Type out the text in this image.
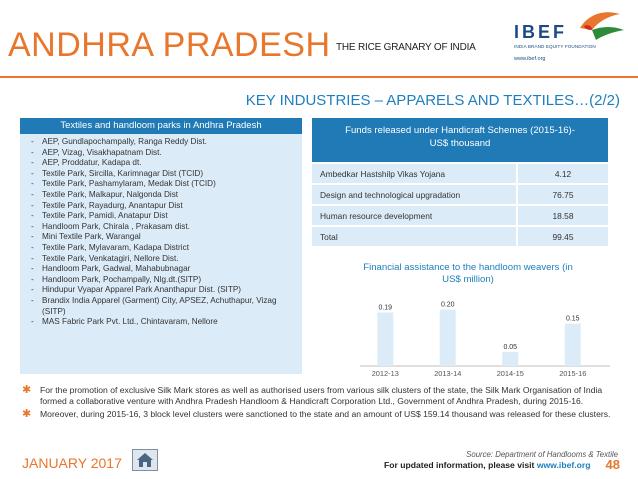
ANDHRA PRADESH THE RICE GRANARY OF INDIA
IBEF
INDIA BRAND EQUITY FOUNDATION
www.ibef.org
KEY INDUSTRIES – APPARELS AND TEXTILES…(2/2)
Textiles and handloom parks in Andhra Pradesh
- AEP, Gundlapochampally, Ranga Reddy Dist.
- AEP, Vizag, Visakhapatnam Dist.
- AEP, Proddatur, Kadapa dt.
- Textile Park, Sircilla, Karimnagar Dist (TCID)
- Textile Park, Pashamylaram, Medak Dist (TCID)
- Textile Park, Malkapur, Nalgonda Dist
- Textile Park, Rayadurg, Anantapur Dist
- Textile Park, Pamidi, Anatapur Dist
- Handloom Park, Chirala , Prakasam dist.
- Mini Textile Park, Warangal
- Textile Park, Mylavaram, Kadapa District
- Textile Park, Venkatagiri, Nellore Dist.
- Handloom Park, Gadwal, Mahabubnagar
- Handloom Park, Pochampally, Nlg.dt.(SITP)
- Hindupur Vyapar Apparel Park Ananthapur Dist. (SITP)
- Brandix India Apparel (Garment) City, APSEZ, Achuthapur, Vizag (SITP)
- MAS Fabric Park Pvt. Ltd., Chintavaram, Nellore
Funds released under Handicraft Schemes (2015-16)- US$ thousand
Ambedkar Hastshilp Vikas Yojana	4.12
Design and technological upgradation	76.75
Human resource development	18.58
Total	99.45
Financial assistance to the handloom weavers (in US$ million)
0.19
2012-13
0.20
2013-14
0.05
2014-15
0.15
2015-16
✱ For the promotion of exclusive Silk Mark stores as well as authorised users from various silk clusters of the state, the Silk Mark Organisation of India formed a collaborative venture with Andhra Pradesh Handloom & Handicraft Corporation Ltd., Government of Andhra Pradesh, during 2015-16.
✱ Moreover, during 2015-16, 3 block level clusters were sanctioned to the state and an amount of US$ 159.14 thousand was released for these clusters.
JANUARY 2017
Source: Department of Handlooms & Textile
For updated information, please visit www.ibef.org 48
